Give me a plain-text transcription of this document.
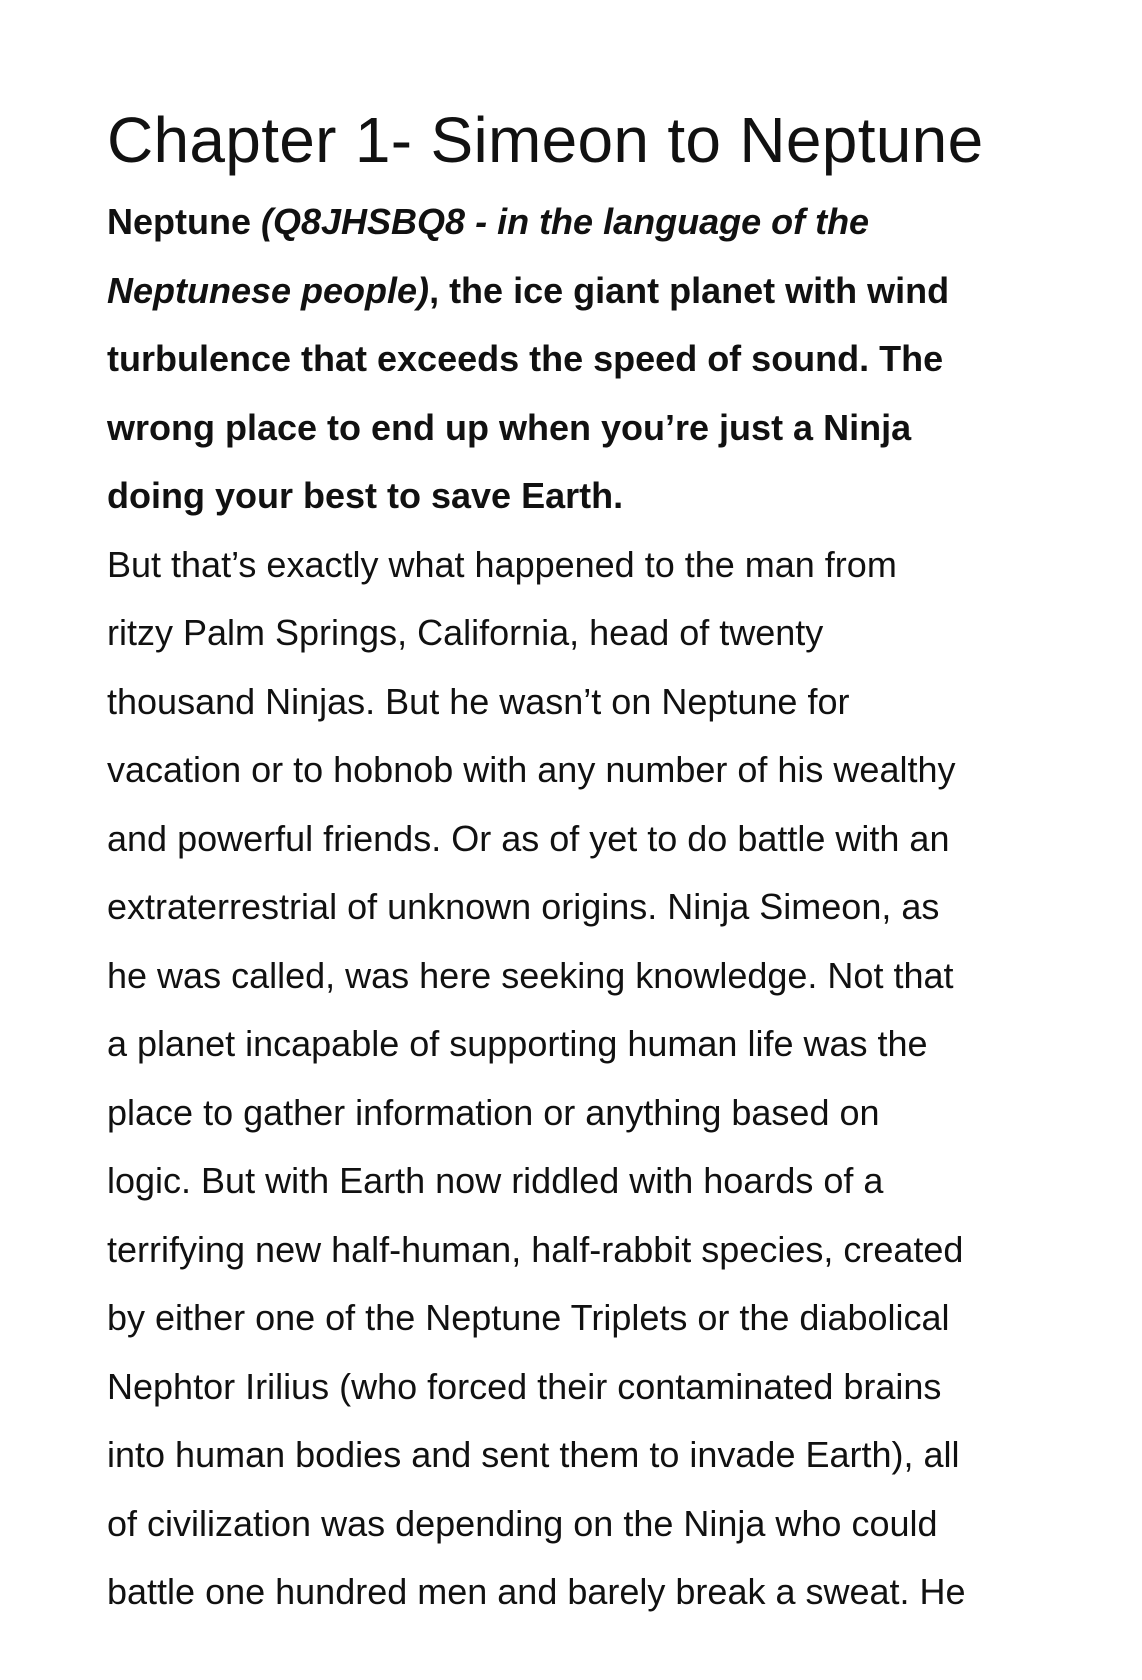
Chapter 1- Simeon to Neptune
Neptune (Q8JHSBQ8 - in the language of the
Neptunese people), the ice giant planet with wind
turbulence that exceeds the speed of sound. The
wrong place to end up when you’re just a Ninja
doing your best to save Earth.
But that’s exactly what happened to the man from
ritzy Palm Springs, California, head of twenty
thousand Ninjas. But he wasn’t on Neptune for
vacation or to hobnob with any number of his wealthy
and powerful friends. Or as of yet to do battle with an
extraterrestrial of unknown origins. Ninja Simeon, as
he was called, was here seeking knowledge. Not that
a planet incapable of supporting human life was the
place to gather information or anything based on
logic. But with Earth now riddled with hoards of a
terrifying new half-human, half-rabbit species, created
by either one of the Neptune Triplets or the diabolical
Nephtor Irilius (who forced their contaminated brains
into human bodies and sent them to invade Earth), all
of civilization was depending on the Ninja who could
battle one hundred men and barely break a sweat. He
